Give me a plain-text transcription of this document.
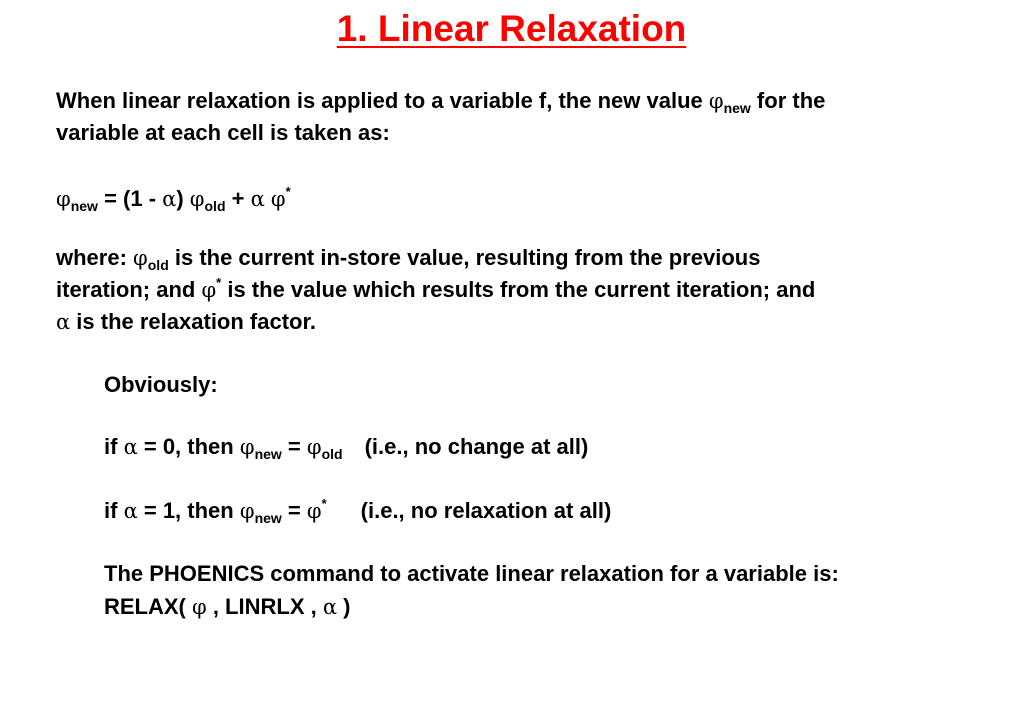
1. Linear Relaxation
When linear relaxation is applied to a variable f, the new value $\varphi_{new}$ for the
variable at each cell is taken as:
$\varphi_{new} = (1 - \alpha) \varphi_{old} + \alpha$ φ*
where: $\varphi_{old}$ is the current in-store value, resulting from the previous
iteration; and φ* is the value which results from the current iteration; and
α is the relaxation factor.
Obviously:
if α = 0, then $\varphi_{new} = \varphi_{old}$ (i.e., no change at all)
if α = 1, then $\varphi_{new} = \varphi^*$ (i.e., no relaxation at all)
The PHOENICS command to activate linear relaxation for a variable is:
RELAX( φ , LINRLX , α )
